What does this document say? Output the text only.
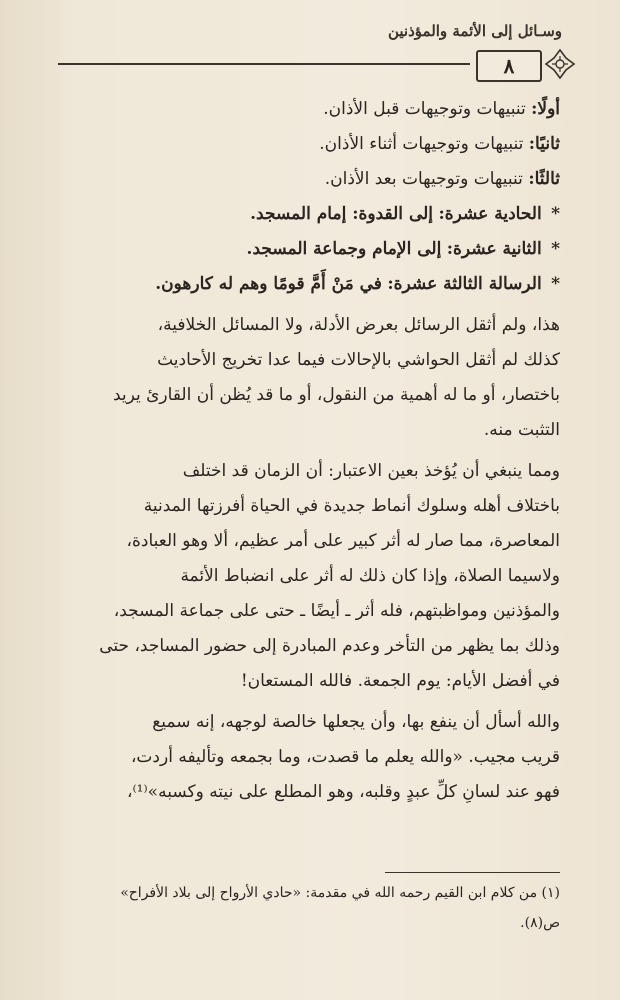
وسـائل إلى الأئمة والمؤذنين
٨
أولًا: تنبيهات وتوجيهات قبل الأذان.
ثانيًا: تنبيهات وتوجيهات أثناء الأذان.
ثالثًا: تنبيهات وتوجيهات بعد الأذان.
* الحادية عشرة: إلى القدوة: إمام المسجد.
* الثانية عشرة: إلى الإمام وجماعة المسجد.
* الرسالة الثالثة عشرة: في مَنْ أَمَّ قومًا وهم له كارهون.
هذا، ولم أثقل الرسائل بعرض الأدلة، ولا المسائل الخلافية،
كذلك لم أثقل الحواشي بالإحالات فيما عدا تخريج الأحاديث
باختصار، أو ما له أهمية من النقول، أو ما قد يُظن أن القارئ يريد
التثبت منه.
ومما ينبغي أن يُؤخذ بعين الاعتبار: أن الزمان قد اختلف
باختلاف أهله وسلوك أنماط جديدة في الحياة أفرزتها المدنية
المعاصرة، مما صار له أثر كبير على أمر عظيم، ألا وهو العبادة،
ولاسيما الصلاة، وإذا كان ذلك له أثر على انضباط الأئمة
والمؤذنين ومواظبتهم، فله أثر ـ أيضًا ـ حتى على جماعة المسجد،
وذلك بما يظهر من التأخر وعدم المبادرة إلى حضور المساجد، حتى
في أفضل الأيام: يوم الجمعة. فالله المستعان!
والله أسأل أن ينفع بها، وأن يجعلها خالصة لوجهه، إنه سميع
قريب مجيب. «والله يعلم ما قصدت، وما بجمعه وتأليفه أردت،
فهو عند لسانِ كلِّ عبدٍ وقلبه، وهو المطلع على نيته وكسبه»⁽¹⁾،
(١) من كلام ابن القيم رحمه الله في مقدمة: «حادي الأرواح إلى بلاد الأفراح»
ص(٨).
